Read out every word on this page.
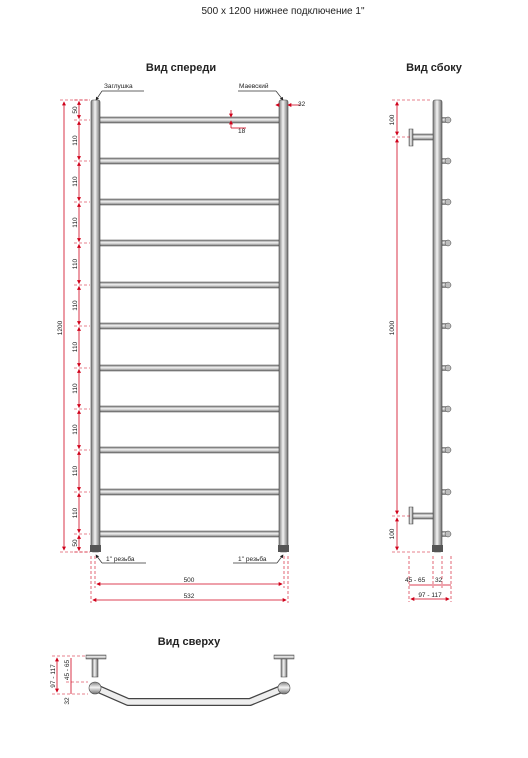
500 х 1200 нижнее подключение 1"
Вид спереди	Вид сбоку
Вид сверху
Заглушка	Маевский
1'' резьба	1'' резьба
32
18
1200
50
110
110
110
110
110
110
110
110
110
110
50
500
532
100
1000
100
45 - 65 32
97 - 117
97 - 117
32
45 - 65
